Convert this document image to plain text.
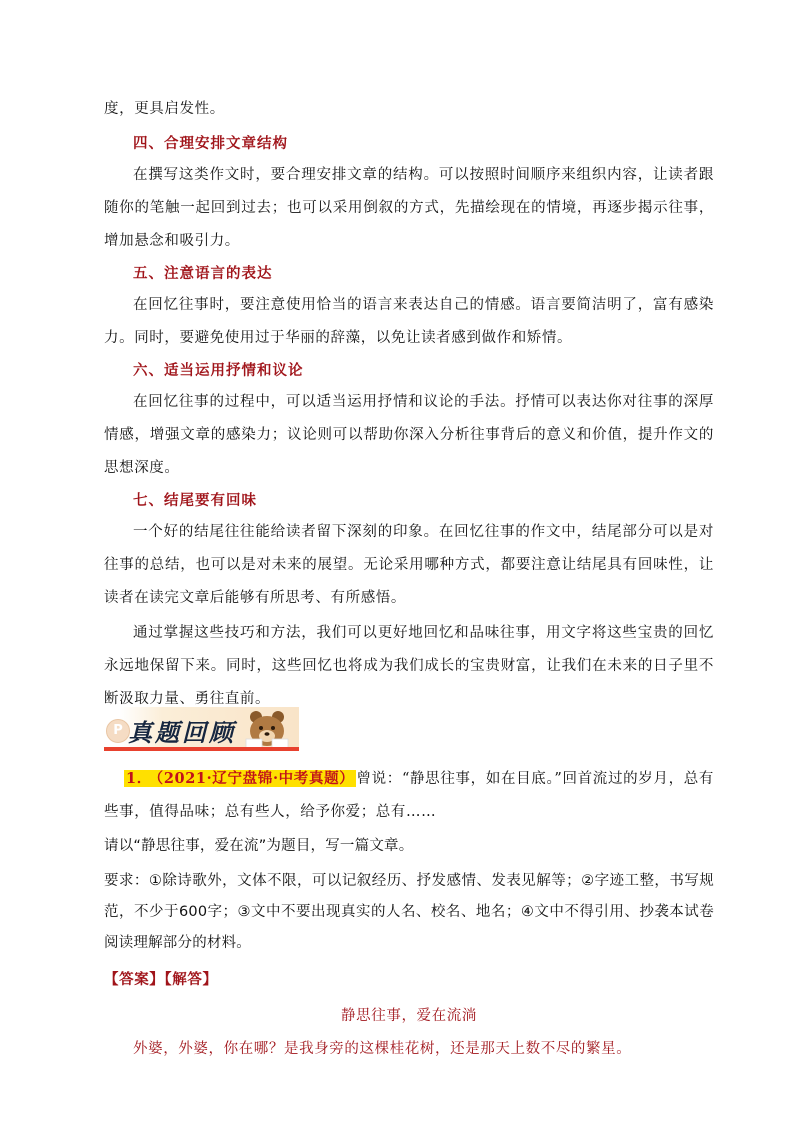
度，更具启发性。

四、合理安排文章结构

在撰写这类作文时，要合理安排文章的结构。可以按照时间顺序来组织内容，让读者跟随你的笔触一起回到过去；也可以采用倒叙的方式，先描绘现在的情境，再逐步揭示往事，增加悬念和吸引力。

五、注意语言的表达

在回忆往事时，要注意使用恰当的语言来表达自己的情感。语言要简洁明了，富有感染力。同时，要避免使用过于华丽的辞藻，以免让读者感到做作和矫情。

六、适当运用抒情和议论

在回忆往事的过程中，可以适当运用抒情和议论的手法。抒情可以表达你对往事的深厚情感，增强文章的感染力；议论则可以帮助你深入分析往事背后的意义和价值，提升作文的思想深度。

七、结尾要有回味

一个好的结尾往往能给读者留下深刻的印象。在回忆往事的作文中，结尾部分可以是对往事的总结，也可以是对未来的展望。无论采用哪种方式，都要注意让结尾具有回味性，让读者在读完文章后能够有所思考、有所感悟。

通过掌握这些技巧和方法，我们可以更好地回忆和品味往事，用文字将这些宝贵的回忆永远地保留下来。同时，这些回忆也将成为我们成长的宝贵财富，让我们在未来的日子里不断汲取力量、勇往直前。

P 真题回顾

1． （2021·辽宁盘锦·中考真题） 曾说：“静思往事，如在目底。”回首流过的岁月，总有些事，值得品味；总有些人，给予你爱；总有……

请以“静思往事，爱在流”为题目，写一篇文章。

要求：①除诗歌外，文体不限，可以记叙经历、抒发感情、发表见解等；②字迹工整，书写规范，不少于600字；③文中不要出现真实的人名、校名、地名；④文中不得引用、抄袭本试卷阅读理解部分的材料。

【答案】【解答】

静思往事，爱在流淌

外婆，外婆，你在哪？是我身旁的这棵桂花树，还是那天上数不尽的繁星。
